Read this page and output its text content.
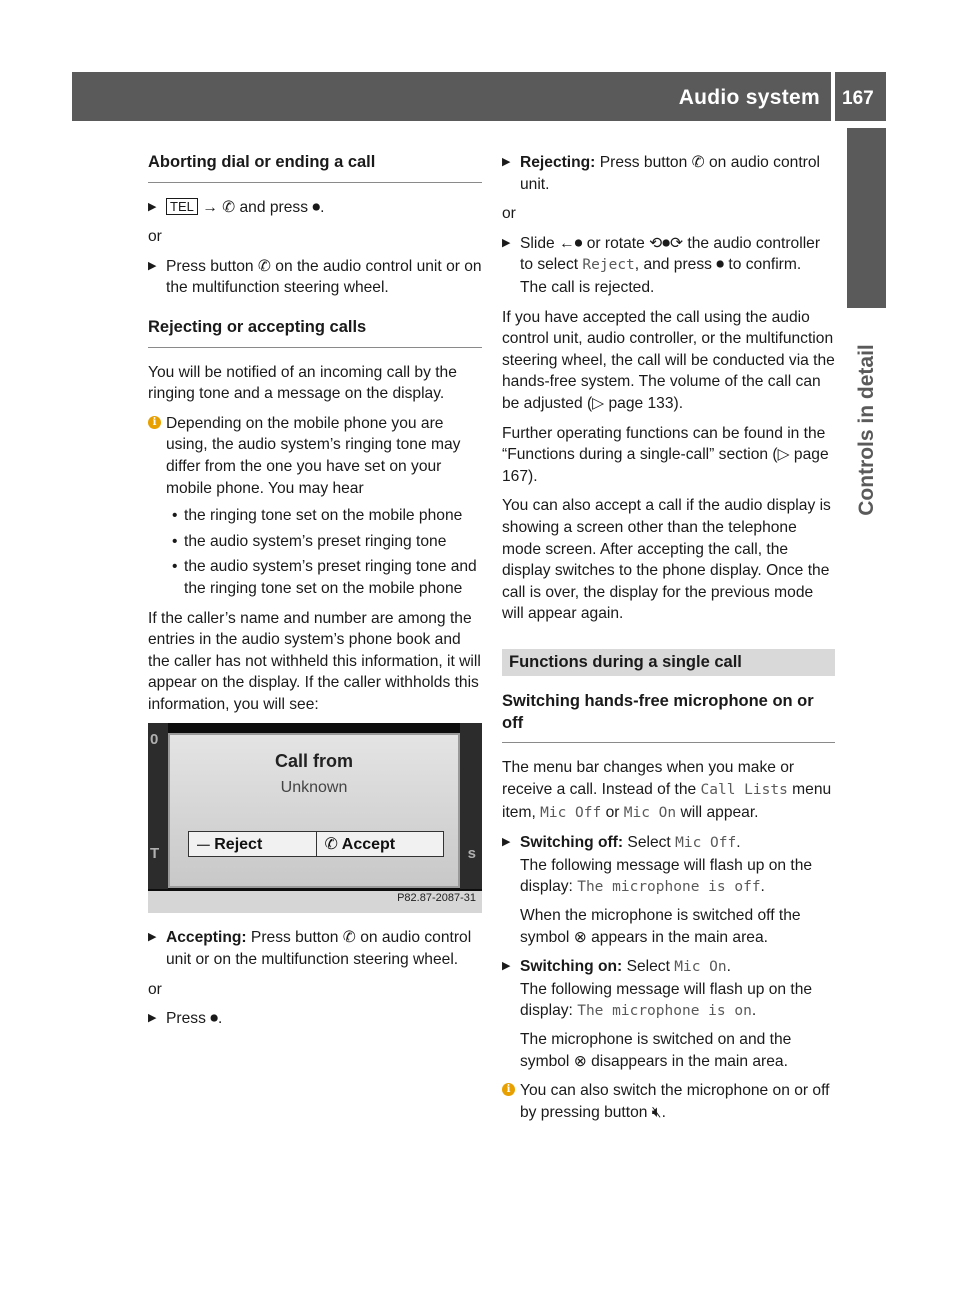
Audio system 167
Controls in detail
Aborting dial or ending a call
▶ TEL → ✆ and press ⏺.
or
▶ Press button ✆ on the audio control unit or on the multifunction steering wheel.
Rejecting or accepting calls
You will be notified of an incoming call by the ringing tone and a message on the display.
i Depending on the mobile phone you are using, the audio system’s ringing tone may differ from the one you have set on your mobile phone. You may hear
• the ringing tone set on the mobile phone
• the audio system’s preset ringing tone
• the audio system’s preset ringing tone and the ringing tone set on the mobile phone
If the caller’s name and number are among the entries in the audio system’s phone book and the caller has not withheld this information, it will appear on the display. If the caller withholds this information, you will see:
0
T	s
Call from
Unknown
⏤ Reject	✆ Accept
P82.87-2087-31
▶ Accepting: Press button ✆ on audio control unit or on the multifunction steering wheel.
or
▶ Press ⏺.
▶ Rejecting: Press button ✆ on audio control unit.
or
▶ Slide ←⏺ or rotate ⟲⏺⟳ the audio controller to select Reject, and press ⏺ to confirm.
The call is rejected.
If you have accepted the call using the audio control unit, audio controller, or the multifunction steering wheel, the call will be conducted via the hands-free system. The volume of the call can be adjusted (▷ page 133).
Further operating functions can be found in the “Functions during a single-call” section (▷ page 167).
You can also accept a call if the audio display is showing a screen other than the telephone mode screen. After accepting the call, the display switches to the phone display. Once the call is over, the display for the previous mode will appear again.
Functions during a single call
Switching hands-free microphone on or off
The menu bar changes when you make or receive a call. Instead of the Call Lists menu item, Mic Off or Mic On will appear.
▶ Switching off: Select Mic Off.
The following message will flash up on the display: The microphone is off.
When the microphone is switched off the symbol ⊗ appears in the main area.
▶ Switching on: Select Mic On.
The following message will flash up on the display: The microphone is on.
The microphone is switched on and the symbol ⊗ disappears in the main area.
i You can also switch the microphone on or off by pressing button 🔇︎.
